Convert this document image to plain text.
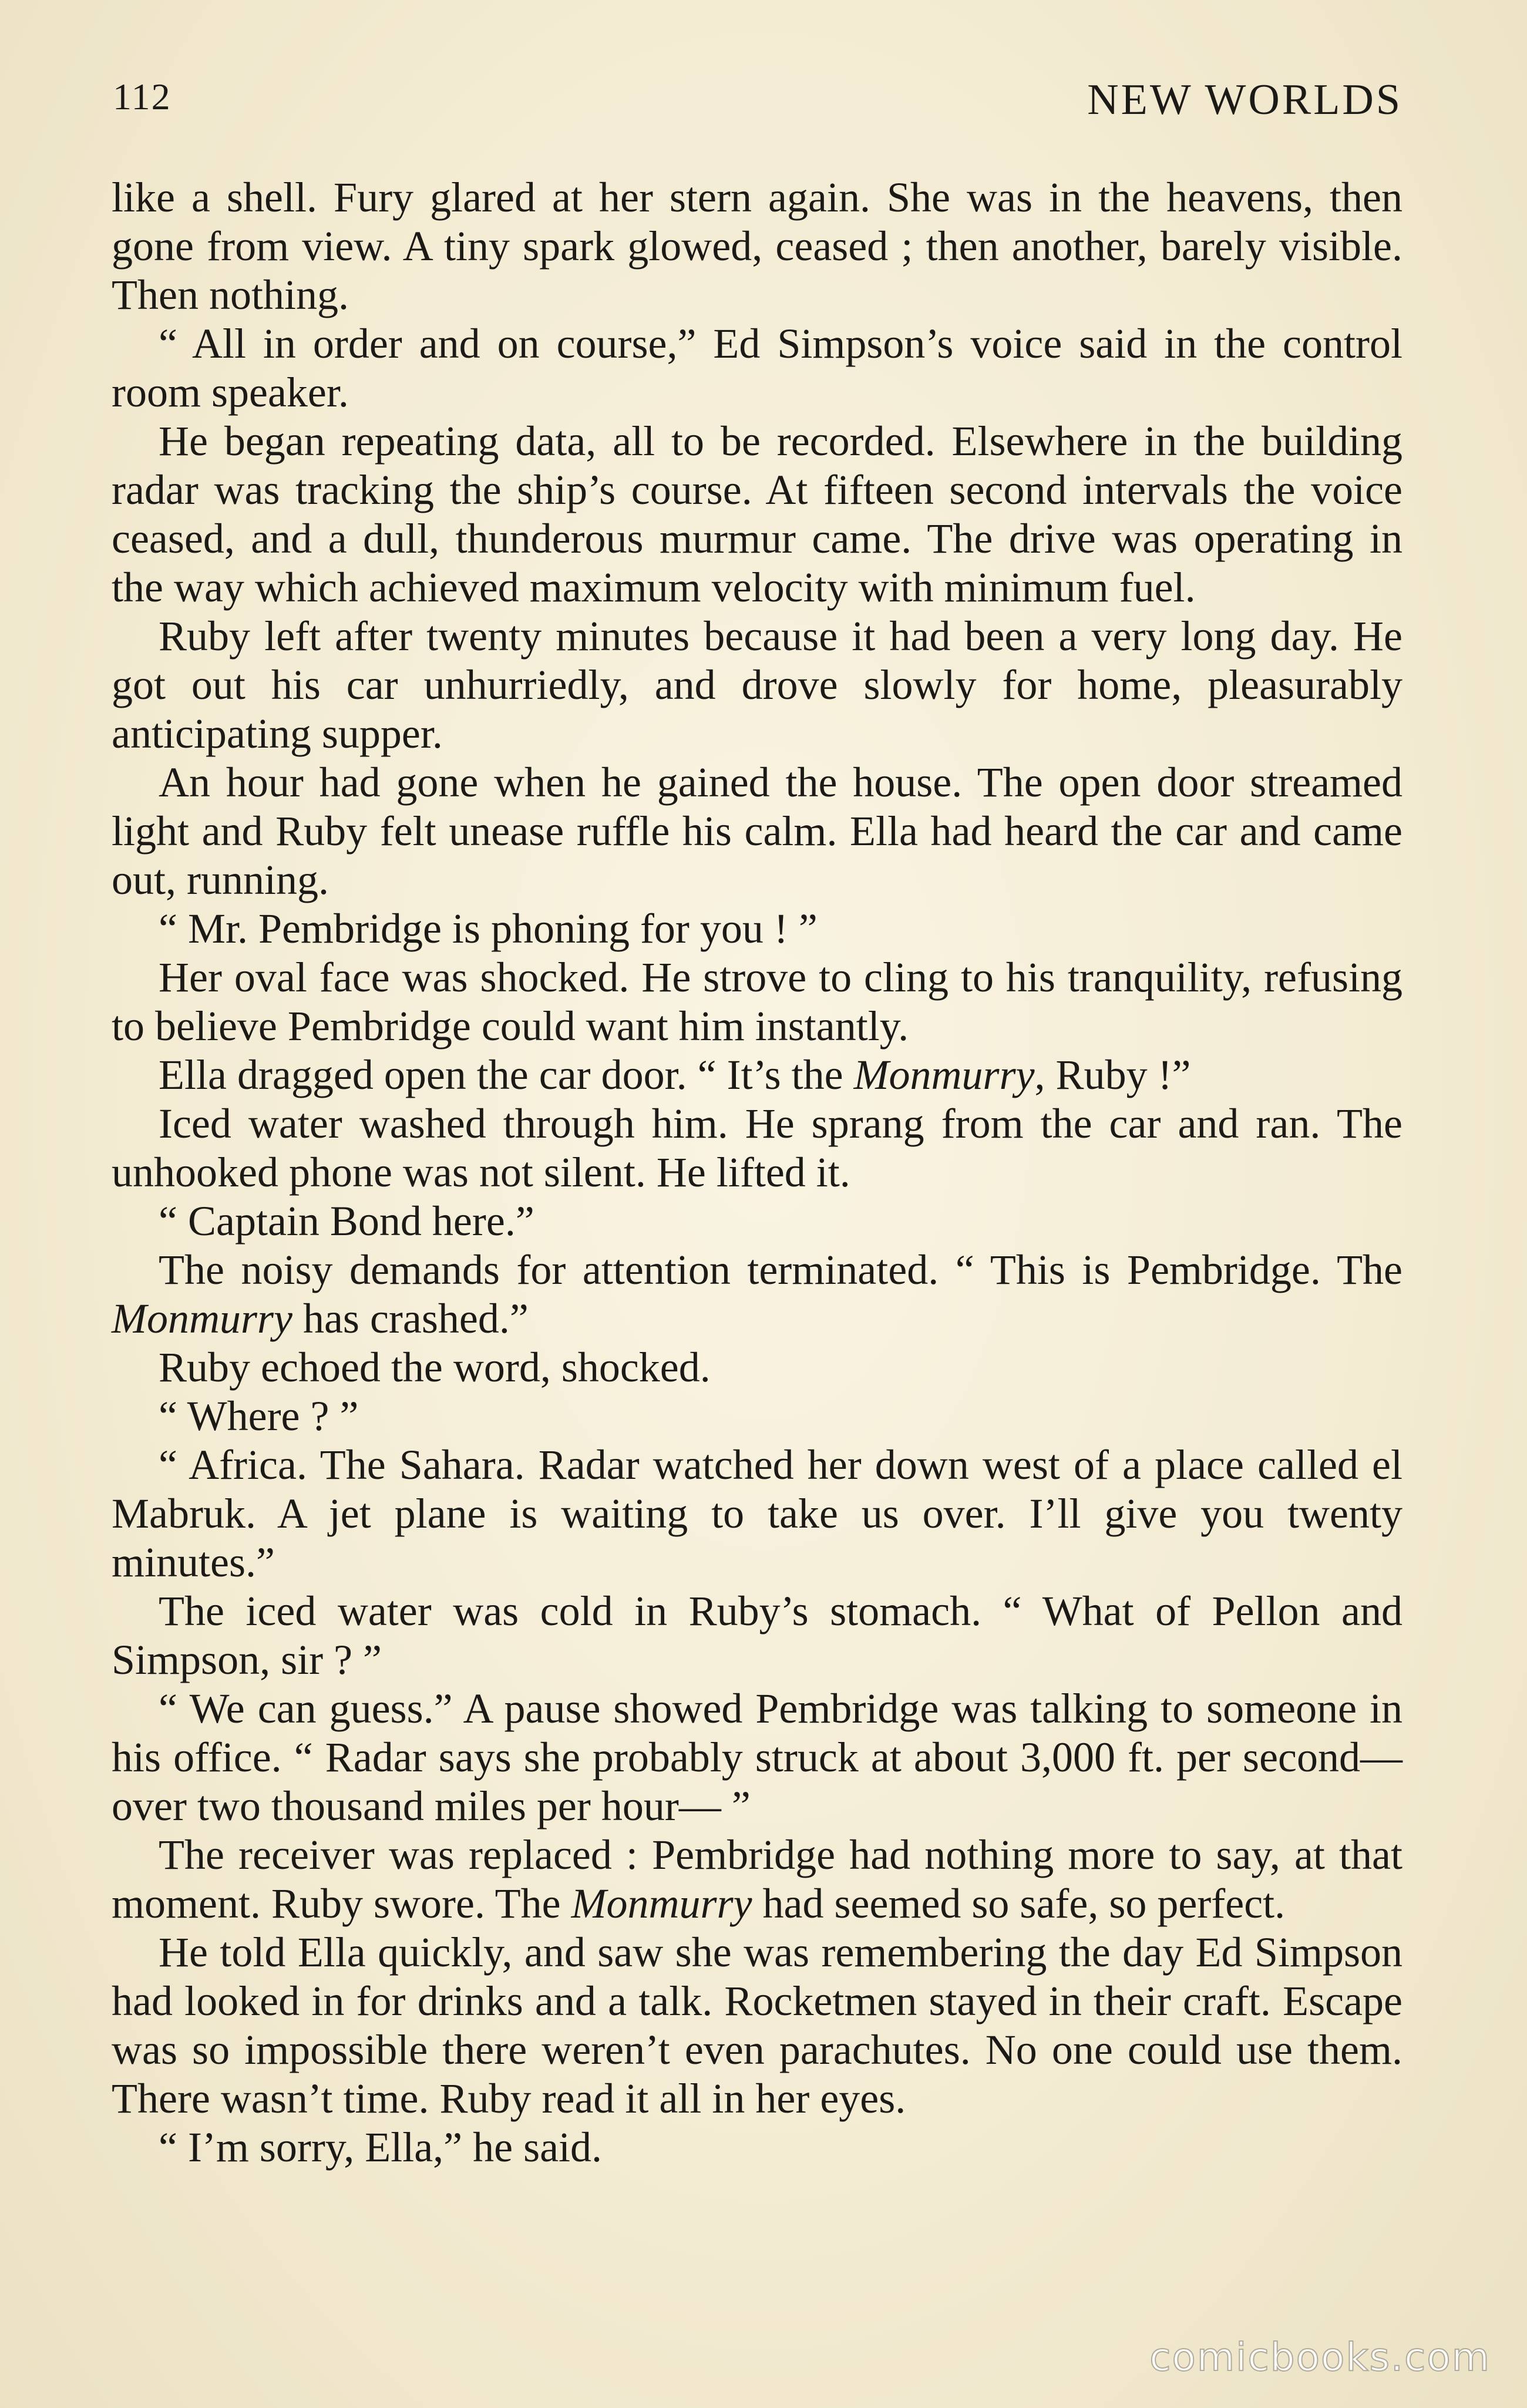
112	NEW WORLDS

like a shell. Fury glared at her stern again. She was in the heavens, then gone from view. A tiny spark glowed, ceased ; then another, barely visible. Then nothing.

“ All in order and on course,” Ed Simpson’s voice said in the control room speaker.

He began repeating data, all to be recorded. Elsewhere in the building radar was tracking the ship’s course. At fifteen second intervals the voice ceased, and a dull, thunderous murmur came. The drive was operating in the way which achieved maximum velocity with minimum fuel.

Ruby left after twenty minutes because it had been a very long day. He got out his car unhurriedly, and drove slowly for home, pleasurably anticipating supper.

An hour had gone when he gained the house. The open door streamed light and Ruby felt unease ruffle his calm. Ella had heard the car and came out, running.

“ Mr. Pembridge is phoning for you ! ”

Her oval face was shocked. He strove to cling to his tranquility, refusing to believe Pembridge could want him instantly.

Ella dragged open the car door. “ It’s the Monmurry, Ruby !”

Iced water washed through him. He sprang from the car and ran. The unhooked phone was not silent. He lifted it.

“ Captain Bond here.”

The noisy demands for attention terminated. “ This is Pembridge. The Monmurry has crashed.”

Ruby echoed the word, shocked.

“ Where ? ”

“ Africa. The Sahara. Radar watched her down west of a place called el Mabruk. A jet plane is waiting to take us over. I’ll give you twenty minutes.”

The iced water was cold in Ruby’s stomach. “ What of Pellon and Simpson, sir ? ”

“ We can guess.” A pause showed Pembridge was talking to someone in his office. “ Radar says she probably struck at about 3,000 ft. per second—over two thousand miles per hour— ”

The receiver was replaced : Pembridge had nothing more to say, at that moment. Ruby swore. The Monmurry had seemed so safe, so perfect.

He told Ella quickly, and saw she was remembering the day Ed Simpson had looked in for drinks and a talk. Rocketmen stayed in their craft. Escape was so impossible there weren’t even parachutes. No one could use them. There wasn’t time. Ruby read it all in her eyes.

“ I’m sorry, Ella,” he said.

comicbooks.com
